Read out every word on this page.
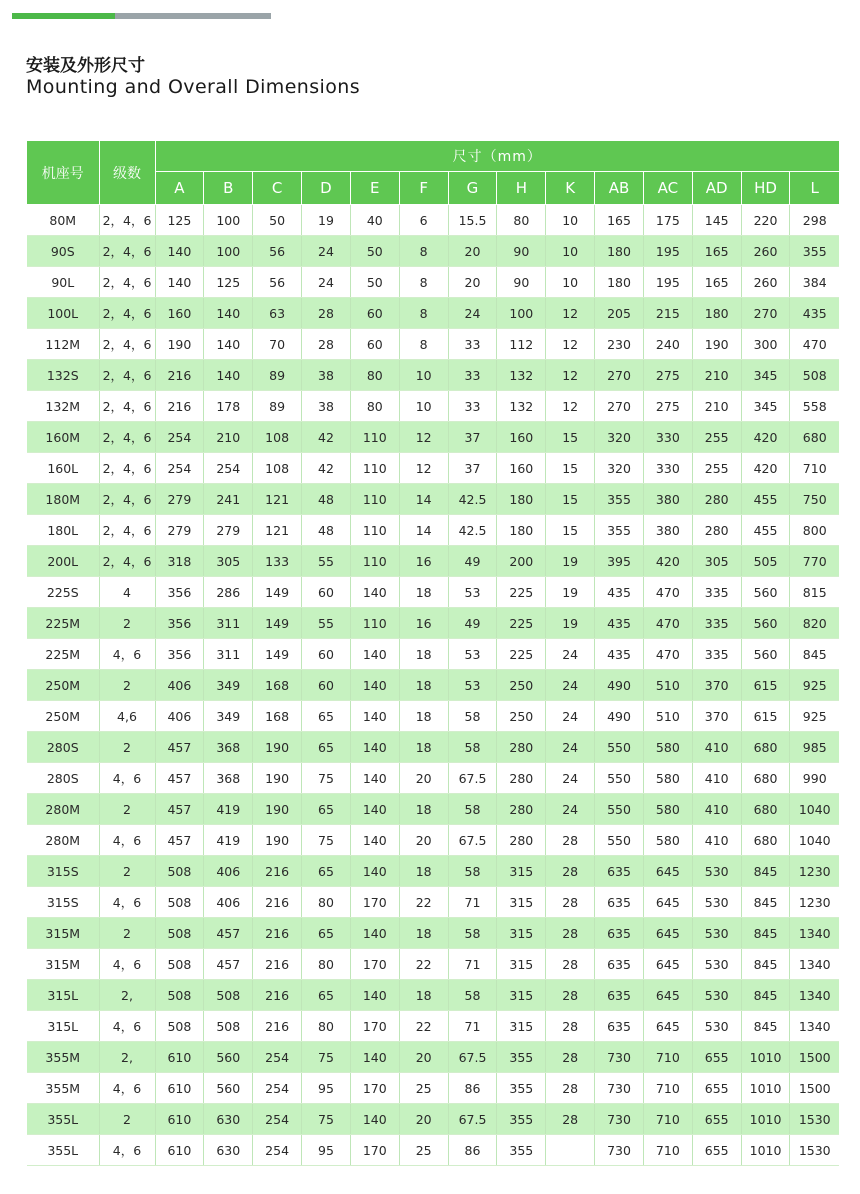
安装及外形尺寸
Mounting and Overall Dimensions
机座号	级数	尺寸（mm）													
		A	B	C	D	E	F	G	H	K	AB	AC	AD	HD	L
80M	2，4，6	125	100	50	19	40	6	15.5	80	10	165	175	145	220	298
90S	2，4，6	140	100	56	24	50	8	20	90	10	180	195	165	260	355
90L	2，4，6	140	125	56	24	50	8	20	90	10	180	195	165	260	384
100L	2，4，6	160	140	63	28	60	8	24	100	12	205	215	180	270	435
112M	2，4，6	190	140	70	28	60	8	33	112	12	230	240	190	300	470
132S	2，4，6	216	140	89	38	80	10	33	132	12	270	275	210	345	508
132M	2，4，6	216	178	89	38	80	10	33	132	12	270	275	210	345	558
160M	2，4，6	254	210	108	42	110	12	37	160	15	320	330	255	420	680
160L	2，4，6	254	254	108	42	110	12	37	160	15	320	330	255	420	710
180M	2，4，6	279	241	121	48	110	14	42.5	180	15	355	380	280	455	750
180L	2，4，6	279	279	121	48	110	14	42.5	180	15	355	380	280	455	800
200L	2，4，6	318	305	133	55	110	16	49	200	19	395	420	305	505	770
225S	4	356	286	149	60	140	18	53	225	19	435	470	335	560	815
225M	2	356	311	149	55	110	16	49	225	19	435	470	335	560	820
225M	4，6	356	311	149	60	140	18	53	225	24	435	470	335	560	845
250M	2	406	349	168	60	140	18	53	250	24	490	510	370	615	925
250M	4,6	406	349	168	65	140	18	58	250	24	490	510	370	615	925
280S	2	457	368	190	65	140	18	58	280	24	550	580	410	680	985
280S	4，6	457	368	190	75	140	20	67.5	280	24	550	580	410	680	990
280M	2	457	419	190	65	140	18	58	280	24	550	580	410	680	1040
280M	4，6	457	419	190	75	140	20	67.5	280	28	550	580	410	680	1040
315S	2	508	406	216	65	140	18	58	315	28	635	645	530	845	1230
315S	4，6	508	406	216	80	170	22	71	315	28	635	645	530	845	1230
315M	2	508	457	216	65	140	18	58	315	28	635	645	530	845	1340
315M	4，6	508	457	216	80	170	22	71	315	28	635	645	530	845	1340
315L	2,	508	508	216	65	140	18	58	315	28	635	645	530	845	1340
315L	4，6	508	508	216	80	170	22	71	315	28	635	645	530	845	1340
355M	2,	610	560	254	75	140	20	67.5	355	28	730	710	655	1010	1500
355M	4，6	610	560	254	95	170	25	86	355	28	730	710	655	1010	1500
355L	2	610	630	254	75	140	20	67.5	355	28	730	710	655	1010	1530
355L	4，6	610	630	254	95	170	25	86	355		730	710	655	1010	1530
